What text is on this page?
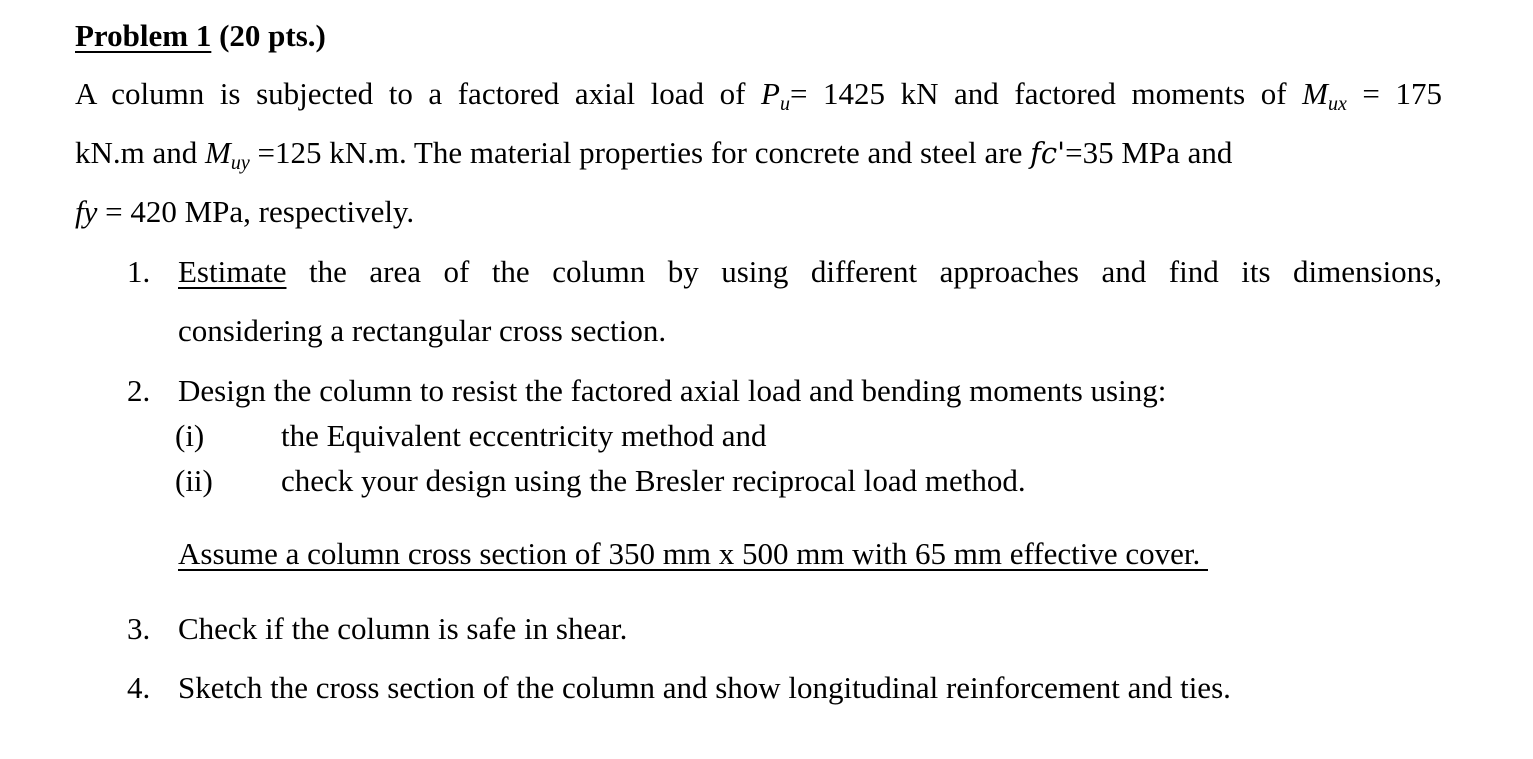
Problem 1 (20 pts.)
A column is subjected to a factored axial load of Pu= 1425 kN and factored moments of Mux = 175
kN.m and Muy =125 kN.m. The material properties for concrete and steel are fc'=35 MPa and
fy = 420 MPa, respectively.
1. Estimate the area of the column by using different approaches and find its dimensions,
considering a rectangular cross section.
2. Design the column to resist the factored axial load and bending moments using:
(i) the Equivalent eccentricity method and
(ii) check your design using the Bresler reciprocal load method.
Assume a column cross section of 350 mm x 500 mm with 65 mm effective cover.
3. Check if the column is safe in shear.
4. Sketch the cross section of the column and show longitudinal reinforcement and ties.
